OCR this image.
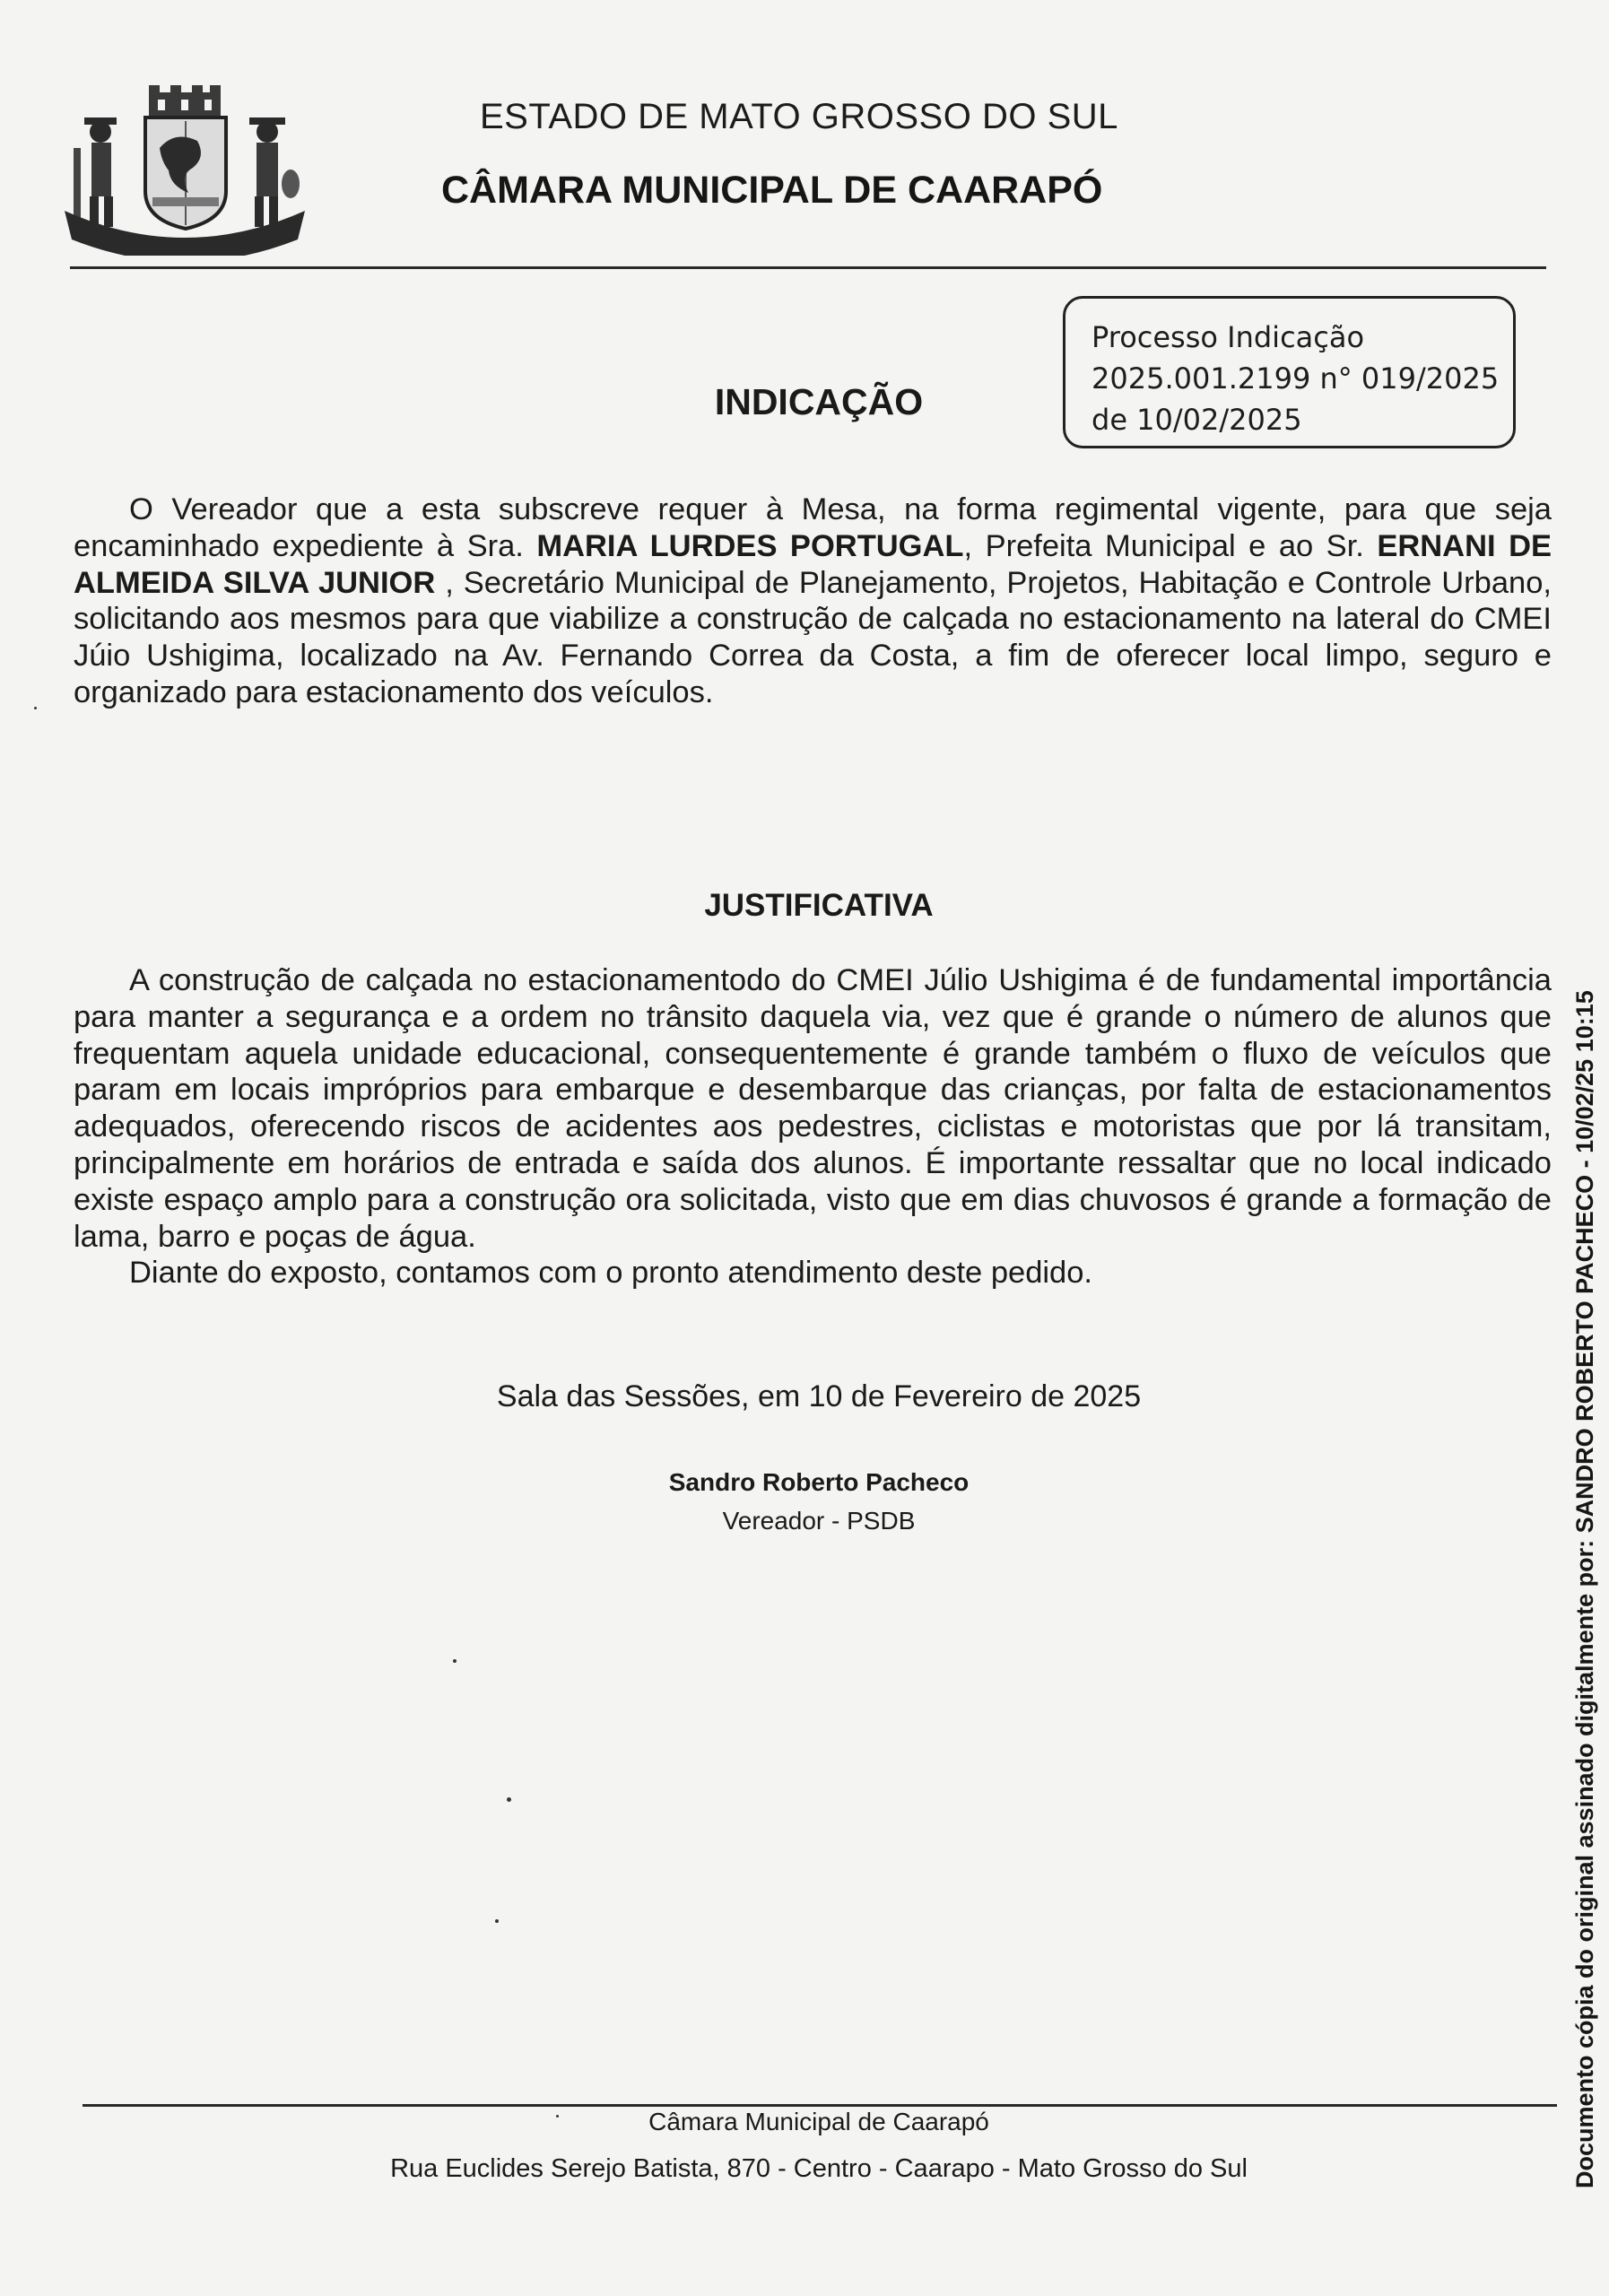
ESTADO DE MATO GROSSO DO SUL
CÂMARA MUNICIPAL DE CAARAPÓ
Processo Indicação
2025.001.2199 n° 019/2025
de 10/02/2025
INDICAÇÃO

O Vereador que a esta subscreve requer à Mesa, na forma regimental vigente, para que seja encaminhado expediente à Sra. MARIA LURDES PORTUGAL, Prefeita Municipal e ao Sr. ERNANI DE ALMEIDA SILVA JUNIOR , Secretário Municipal de Planejamento, Projetos, Habitação e Controle Urbano, solicitando aos mesmos para que viabilize a construção de calçada no estacionamento na lateral do CMEI Júio Ushigima, localizado na Av. Fernando Correa da Costa, a fim de oferecer local limpo, seguro e organizado para estacionamento dos veículos.

JUSTIFICATIVA

A construção de calçada no estacionamentodo do CMEI Júlio Ushigima é de fundamental importância para manter a segurança e a ordem no trânsito daquela via, vez que é grande o número de alunos que frequentam aquela unidade educacional, consequentemente é grande também o fluxo de veículos que param em locais impróprios para embarque e desembarque das crianças, por falta de estacionamentos adequados, oferecendo riscos de acidentes aos pedestres, ciclistas e motoristas que por lá transitam, principalmente em horários de entrada e saída dos alunos. É importante ressaltar que no local indicado existe espaço amplo para a construção ora solicitada, visto que em dias chuvosos é grande a formação de lama, barro e poças de água.

Diante do exposto, contamos com o pronto atendimento deste pedido.

Sala das Sessões, em 10 de Fevereiro de 2025
Sandro Roberto Pacheco
Vereador - PSDB
Câmara Municipal de Caarapó
Rua Euclides Serejo Batista, 870 - Centro - Caarapo - Mato Grosso do Sul	Documento cópia do original assinado digitalmente por: SANDRO ROBERTO PACHECO - 10/02/25 10:15
